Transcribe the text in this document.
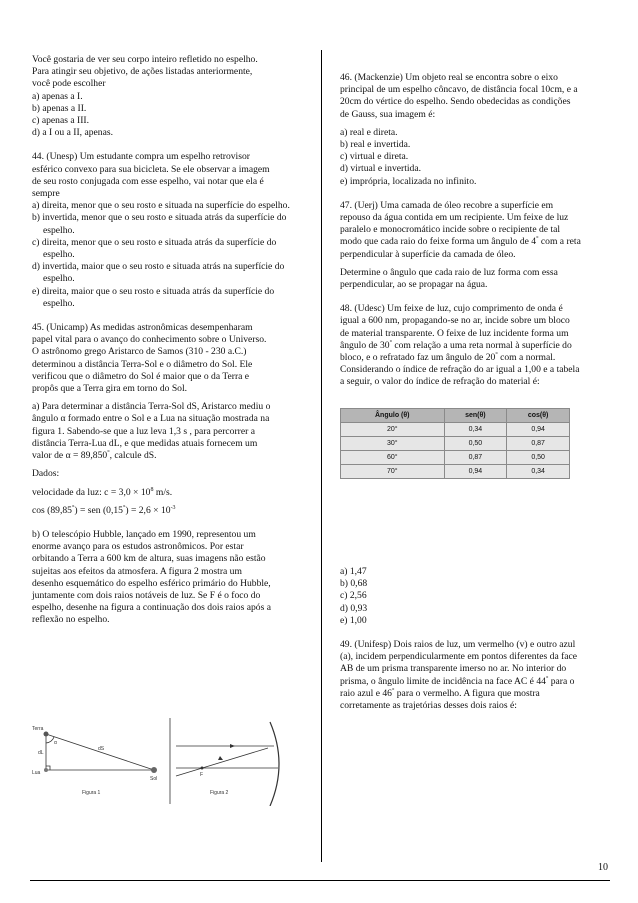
Você gostaria de ver seu corpo inteiro refletido no espelho.

Para atingir seu objetivo, de ações listadas anteriormente,

você pode escolher

a) apenas a I.

b) apenas a II.

c) apenas a III.

d) a I ou a II, apenas.

44. (Unesp) Um estudante compra um espelho retrovisor

esférico convexo para sua bicicleta. Se ele observar a imagem

de seu rosto conjugada com esse espelho, vai notar que ela é

sempre

a) direita, menor que o seu rosto e situada na superfície do espelho.

b) invertida, menor que o seu rosto e situada atrás da superfície do espelho.

c) direita, menor que o seu rosto e situada atrás da superfície do espelho.

d) invertida, maior que o seu rosto e situada atrás na superfície do espelho.

e) direita, maior que o seu rosto e situada atrás da superfície do espelho.

45. (Unicamp) As medidas astronômicas desempenharam

papel vital para o avanço do conhecimento sobre o Universo.

O astrônomo grego Aristarco de Samos (310 - 230 a.C.)

determinou a distância Terra-Sol e o diâmetro do Sol. Ele

verificou que o diâmetro do Sol é maior que o da Terra e

propôs que a Terra gira em torno do Sol.

a) Para determinar a distância Terra-Sol dS, Aristarco mediu o

ângulo α formado entre o Sol e a Lua na situação mostrada na

figura 1. Sabendo-se que a luz leva 1,3 s , para percorrer a

distância Terra-Lua dL, e que medidas atuais fornecem um

valor de α = 89,850°, calcule dS.

Dados:

velocidade da luz: $c = 3,0 \times 10^8$ m/s.

cos (89,85°) = sen $(0,15^\circ) = 2,6 \times 10^{-3}$

b) O telescópio Hubble, lançado em 1990, representou um

enorme avanço para os estudos astronômicos. Por estar

orbitando a Terra a 600 km de altura, suas imagens não estão

sujeitas aos efeitos da atmosfera. A figura 2 mostra um

desenho esquemático do espelho esférico primário do Hubble,

juntamente com dois raios notáveis de luz. Se F é o foco do

espelho, desenhe na figura a continuação dos dois raios após a

reflexão no espelho.

Terra
Lua
Sol
α
dL
dS
Figura 1	Figura 2
F

46. (Mackenzie) Um objeto real se encontra sobre o eixo

principal de um espelho côncavo, de distância focal 10cm, e a

20cm do vértice do espelho. Sendo obedecidas as condições

de Gauss, sua imagem é:

a) real e direta.

b) real e invertida.

c) virtual e direta.

d) virtual e invertida.

e) imprópria, localizada no infinito.

47. (Uerj) Uma camada de óleo recobre a superfície em

repouso da água contida em um recipiente. Um feixe de luz

paralelo e monocromático incide sobre o recipiente de tal

modo que cada raio do feixe forma um ângulo de 4° com a reta

perpendicular à superfície da camada de óleo.

Determine o ângulo que cada raio de luz forma com essa

perpendicular, ao se propagar na água.

48. (Udesc) Um feixe de luz, cujo comprimento de onda é

igual a 600 nm, propagando-se no ar, incide sobre um bloco

de material transparente. O feixe de luz incidente forma um

ângulo de 30° com relação a uma reta normal à superfície do

bloco, e o refratado faz um ângulo de 20° com a normal.

Considerando o índice de refração do ar igual a 1,00 e a tabela

a seguir, o valor do índice de refração do material é:

Ângulo (θ)	sen(θ)	cos(θ)
20°	0,34	0,94
30°	0,50	0,87
60°	0,87	0,50
70°	0,94	0,34

a) 1,47

b) 0,68

c) 2,56

d) 0,93

e) 1,00

49. (Unifesp) Dois raios de luz, um vermelho (v) e outro azul

(a), incidem perpendicularmente em pontos diferentes da face

AB de um prisma transparente imerso no ar. No interior do

prisma, o ângulo limite de incidência na face AC é 44° para o

raio azul e 46° para o vermelho. A figura que mostra

corretamente as trajetórias desses dois raios é:

10
